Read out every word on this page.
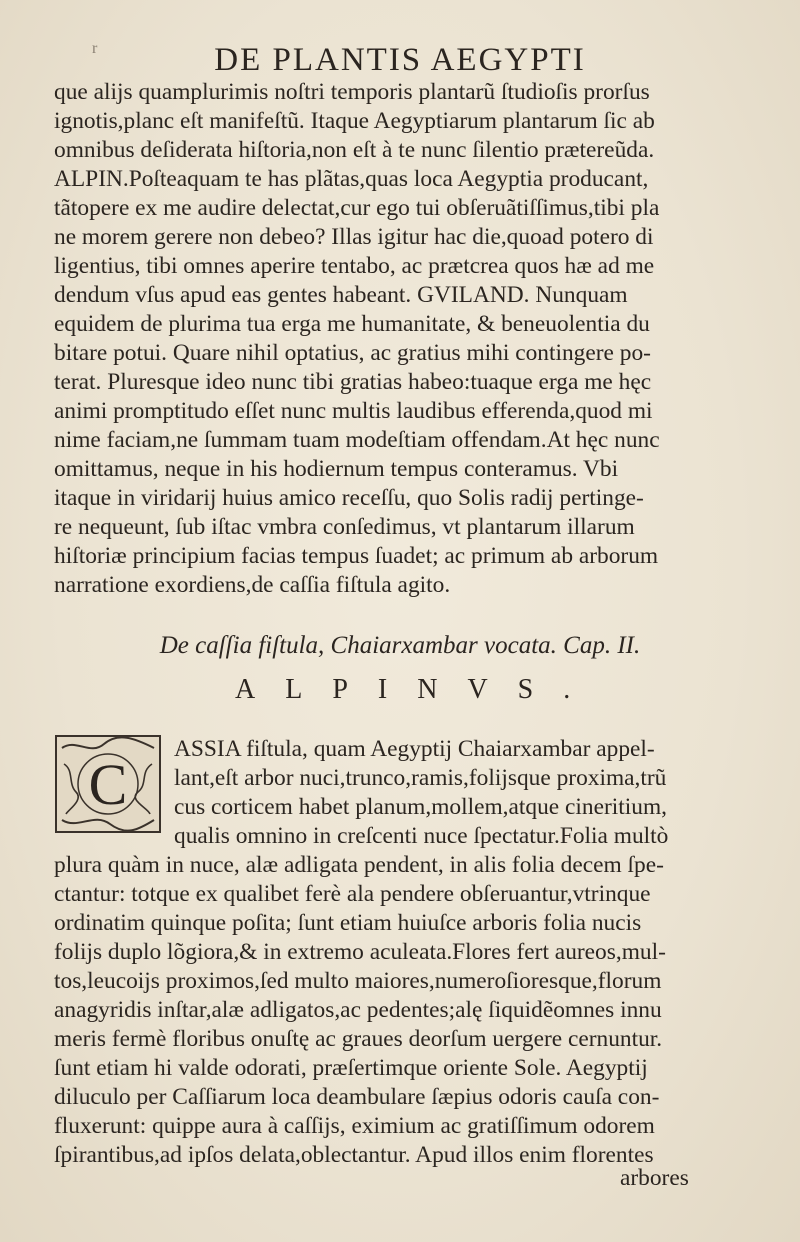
r	DE PLANTIS AEGYPTI
que alijs quamplurimis noſtri temporis plantarũ ſtudioſis prorſus
ignotis,planc eſt manifeſtũ. Itaque Aegyptiarum plantarum ſic ab
omnibus deſiderata hiſtoria,non eſt à te nunc ſilentio prætereũda.
ALPIN.Poſteaquam te has plãtas,quas loca Aegyptia producant,
tãtopere ex me audire delectat,cur ego tui obſeruãtiſſimus,tibi pla
ne morem gerere non debeo? Illas igitur hac die,quoad potero di
ligentius, tibi omnes aperire tentabo, ac prætcrea quos hæ ad me
dendum vſus apud eas gentes habeant. GVILAND. Nunquam
equidem de plurima tua erga me humanitate, & beneuolentia du
bitare potui. Quare nihil optatius, ac gratius mihi contingere po-
terat. Pluresque ideo nunc tibi gratias habeo:tuaque erga me hęc
animi promptitudo eſſet nunc multis laudibus efferenda,quod mi
nime faciam,ne ſummam tuam modeſtiam offendam.At hęc nunc
omittamus, neque in his hodiernum tempus conteramus. Vbi
itaque in viridarij huius amico receſſu, quo Solis radij pertinge-
re nequeunt, ſub iſtac vmbra conſedimus, vt plantarum illarum
hiſtoriæ principium facias tempus ſuadet; ac primum ab arborum
narratione exordiens,de caſſia fiſtula agito.
De caſſia fiſtula, Chaiarxambar vocata. Cap. II.
ALPINVS.
C
ASSIA fiſtula, quam Aegyptij Chaiarxambar appel-
lant,eſt arbor nuci,trunco,ramis,folijsque proxima,trũ
cus corticem habet planum,mollem,atque cineritium,
qualis omnino in creſcenti nuce ſpectatur.Folia multò
plura quàm in nuce, alæ adligata pendent, in alis folia decem ſpe-
ctantur: totque ex qualibet ferè ala pendere obſeruantur,vtrinque
ordinatim quinque poſita; ſunt etiam huiuſce arboris folia nucis
folijs duplo lõgiora,& in extremo aculeata.Flores fert aureos,mul-
tos,leucoijs proximos,ſed multo maiores,numeroſioresque,florum
anagyridis inſtar,alæ adligatos,ac pedentes;alę ſiquidẽomnes innu
meris fermè floribus onuſtę ac graues deorſum uergere cernuntur.
ſunt etiam hi valde odorati, præſertimque oriente Sole. Aegyptij
diluculo per Caſſiarum loca deambulare ſæpius odoris cauſa con-
fluxerunt: quippe aura à caſſijs, eximium ac gratiſſimum odorem
ſpirantibus,ad ipſos delata,oblectantur. Apud illos enim florentes
arbores
